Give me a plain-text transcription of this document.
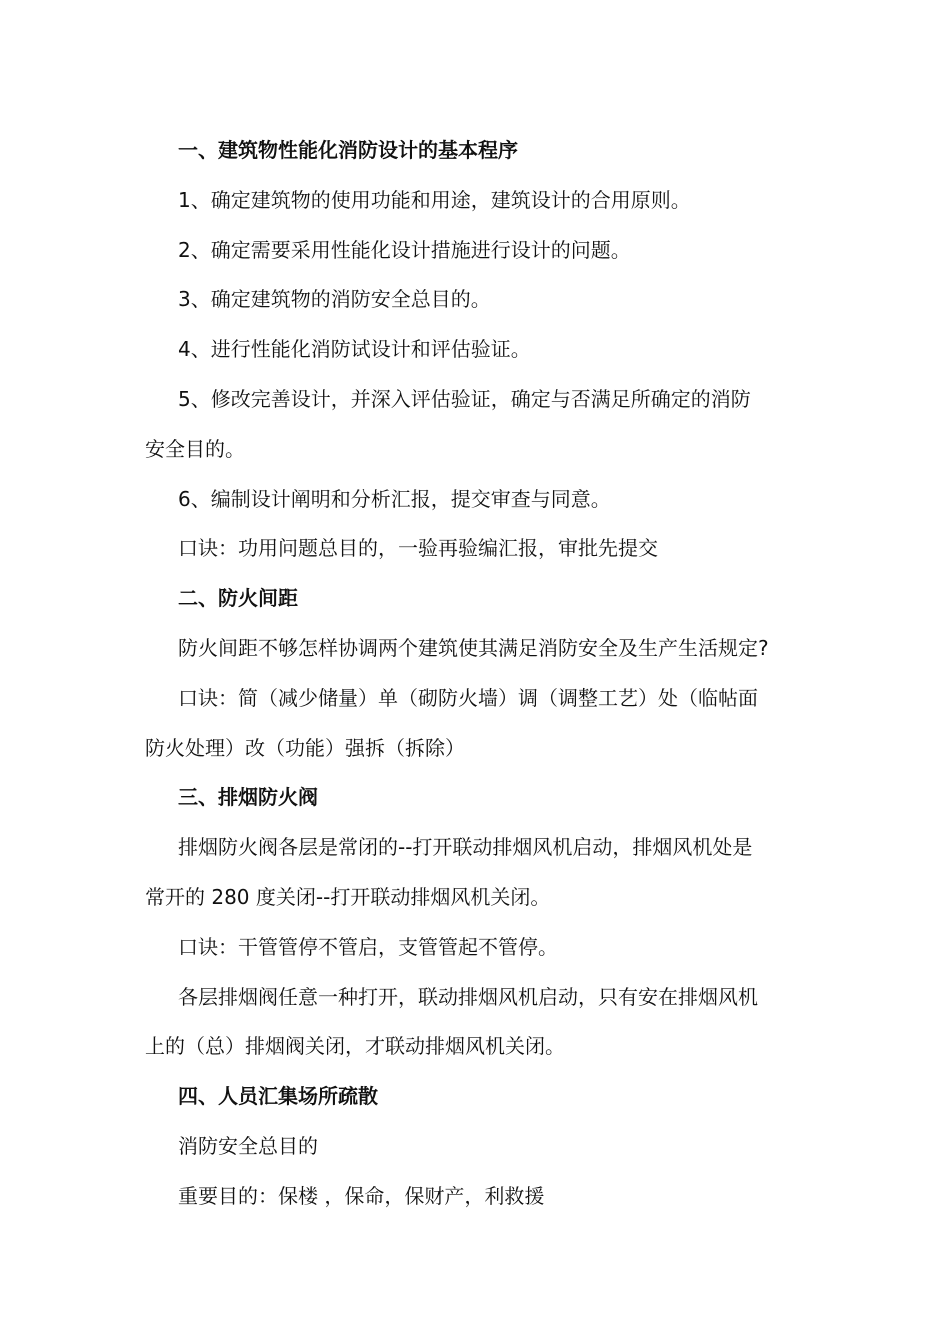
一、建筑物性能化消防设计的基本程序
1、确定建筑物的使用功能和用途，建筑设计的合用原则。
2、确定需要采用性能化设计措施进行设计的问题。
3、确定建筑物的消防安全总目的。
4、进行性能化消防试设计和评估验证。
5、修改完善设计，并深入评估验证，确定与否满足所确定的消防
安全目的。
6、编制设计阐明和分析汇报，提交审查与同意。
口诀：功用问题总目的，一验再验编汇报，审批先提交
二、防火间距
防火间距不够怎样协调两个建筑使其满足消防安全及生产生活规定?
口诀：简（减少储量）单（砌防火墙）调（调整工艺）处（临帖面
防火处理）改（功能）强拆（拆除）
三、排烟防火阀
排烟防火阀各层是常闭的--打开联动排烟风机启动，排烟风机处是
常开的 280 度关闭--打开联动排烟风机关闭。
口诀：干管管停不管启，支管管起不管停。
各层排烟阀任意一种打开，联动排烟风机启动，只有安在排烟风机
上的（总）排烟阀关闭，才联动排烟风机关闭。
四、人员汇集场所疏散
消防安全总目的
重要目的：保楼 ，保命，保财产，利救援
